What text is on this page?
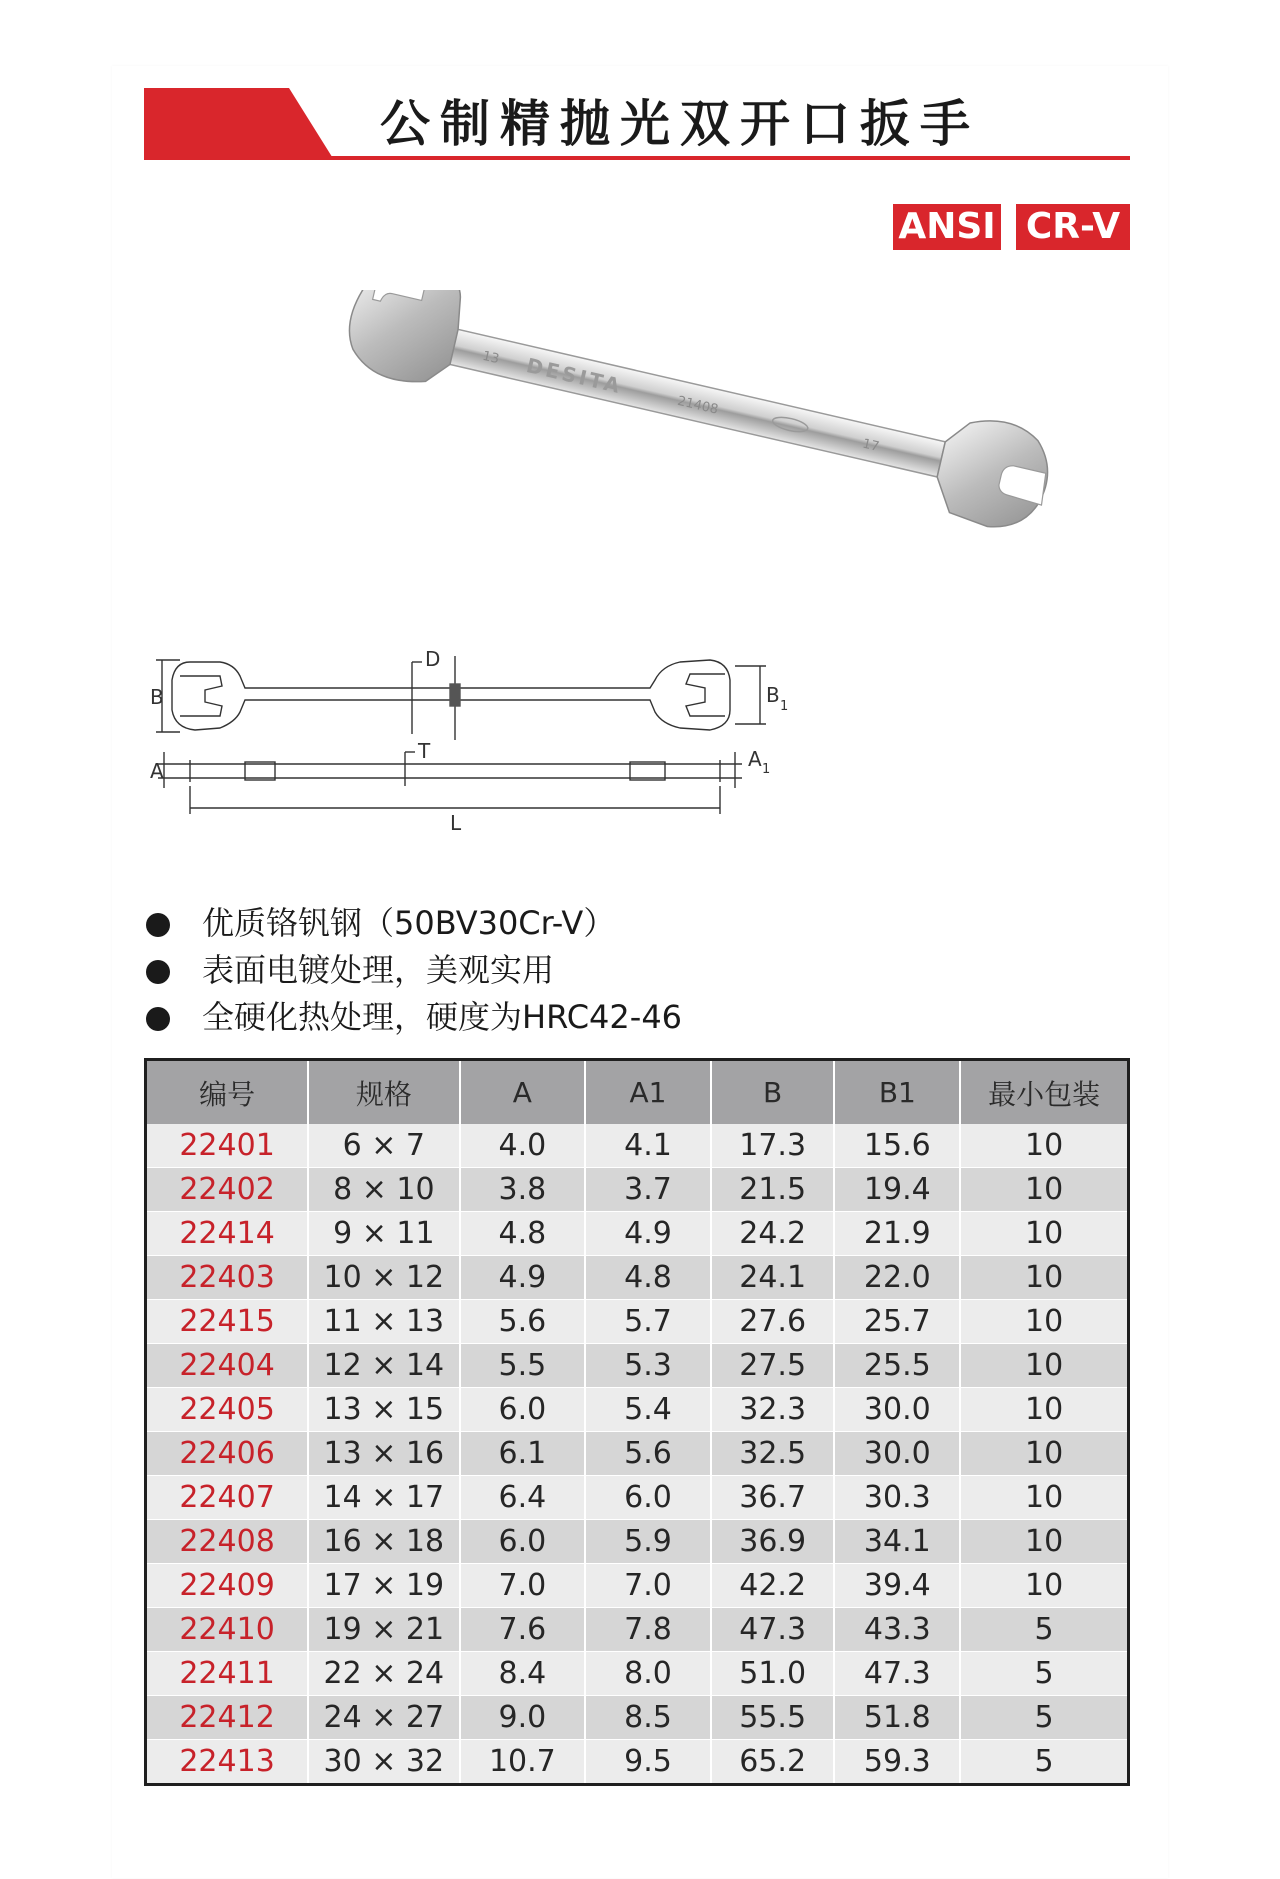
公制精抛光双开口扳手
ANSI CR-V
13 DESITA
21408
17
B	B 1
D
A	A 1
T
L
优质铬钒钢（50BV30Cr-V）
表面电镀处理，美观实用
全硬化热处理，硬度为HRC42-46
编号	规格	A	A1	B	B1	最小包装
22401	6 × 7	4.0	4.1	17.3	15.6	10
22402	8 × 10	3.8	3.7	21.5	19.4	10
22414	9 × 11	4.8	4.9	24.2	21.9	10
22403	10 × 12	4.9	4.8	24.1	22.0	10
22415	11 × 13	5.6	5.7	27.6	25.7	10
22404	12 × 14	5.5	5.3	27.5	25.5	10
22405	13 × 15	6.0	5.4	32.3	30.0	10
22406	13 × 16	6.1	5.6	32.5	30.0	10
22407	14 × 17	6.4	6.0	36.7	30.3	10
22408	16 × 18	6.0	5.9	36.9	34.1	10
22409	17 × 19	7.0	7.0	42.2	39.4	10
22410	19 × 21	7.6	7.8	47.3	43.3	5
22411	22 × 24	8.4	8.0	51.0	47.3	5
22412	24 × 27	9.0	8.5	55.5	51.8	5
22413	30 × 32	10.7	9.5	65.2	59.3	5
